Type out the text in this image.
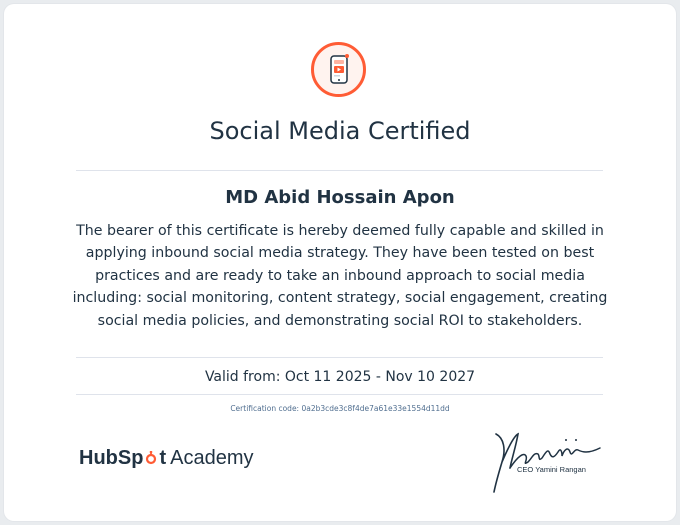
Social Media Certified
MD Abid Hossain Apon
The bearer of this certificate is hereby deemed fully capable and skilled in applying inbound social media strategy. They have been tested on best practices and are ready to take an inbound approach to social media including: social monitoring, content strategy, social engagement, creating social media policies, and demonstrating social ROI to stakeholders.
Valid from: Oct 11 2025 - Nov 10 2027
Certification code: 0a2b3cde3c8f4de7a61e33e1554d11dd
HubSp t Academy
CEO Yamini Rangan
